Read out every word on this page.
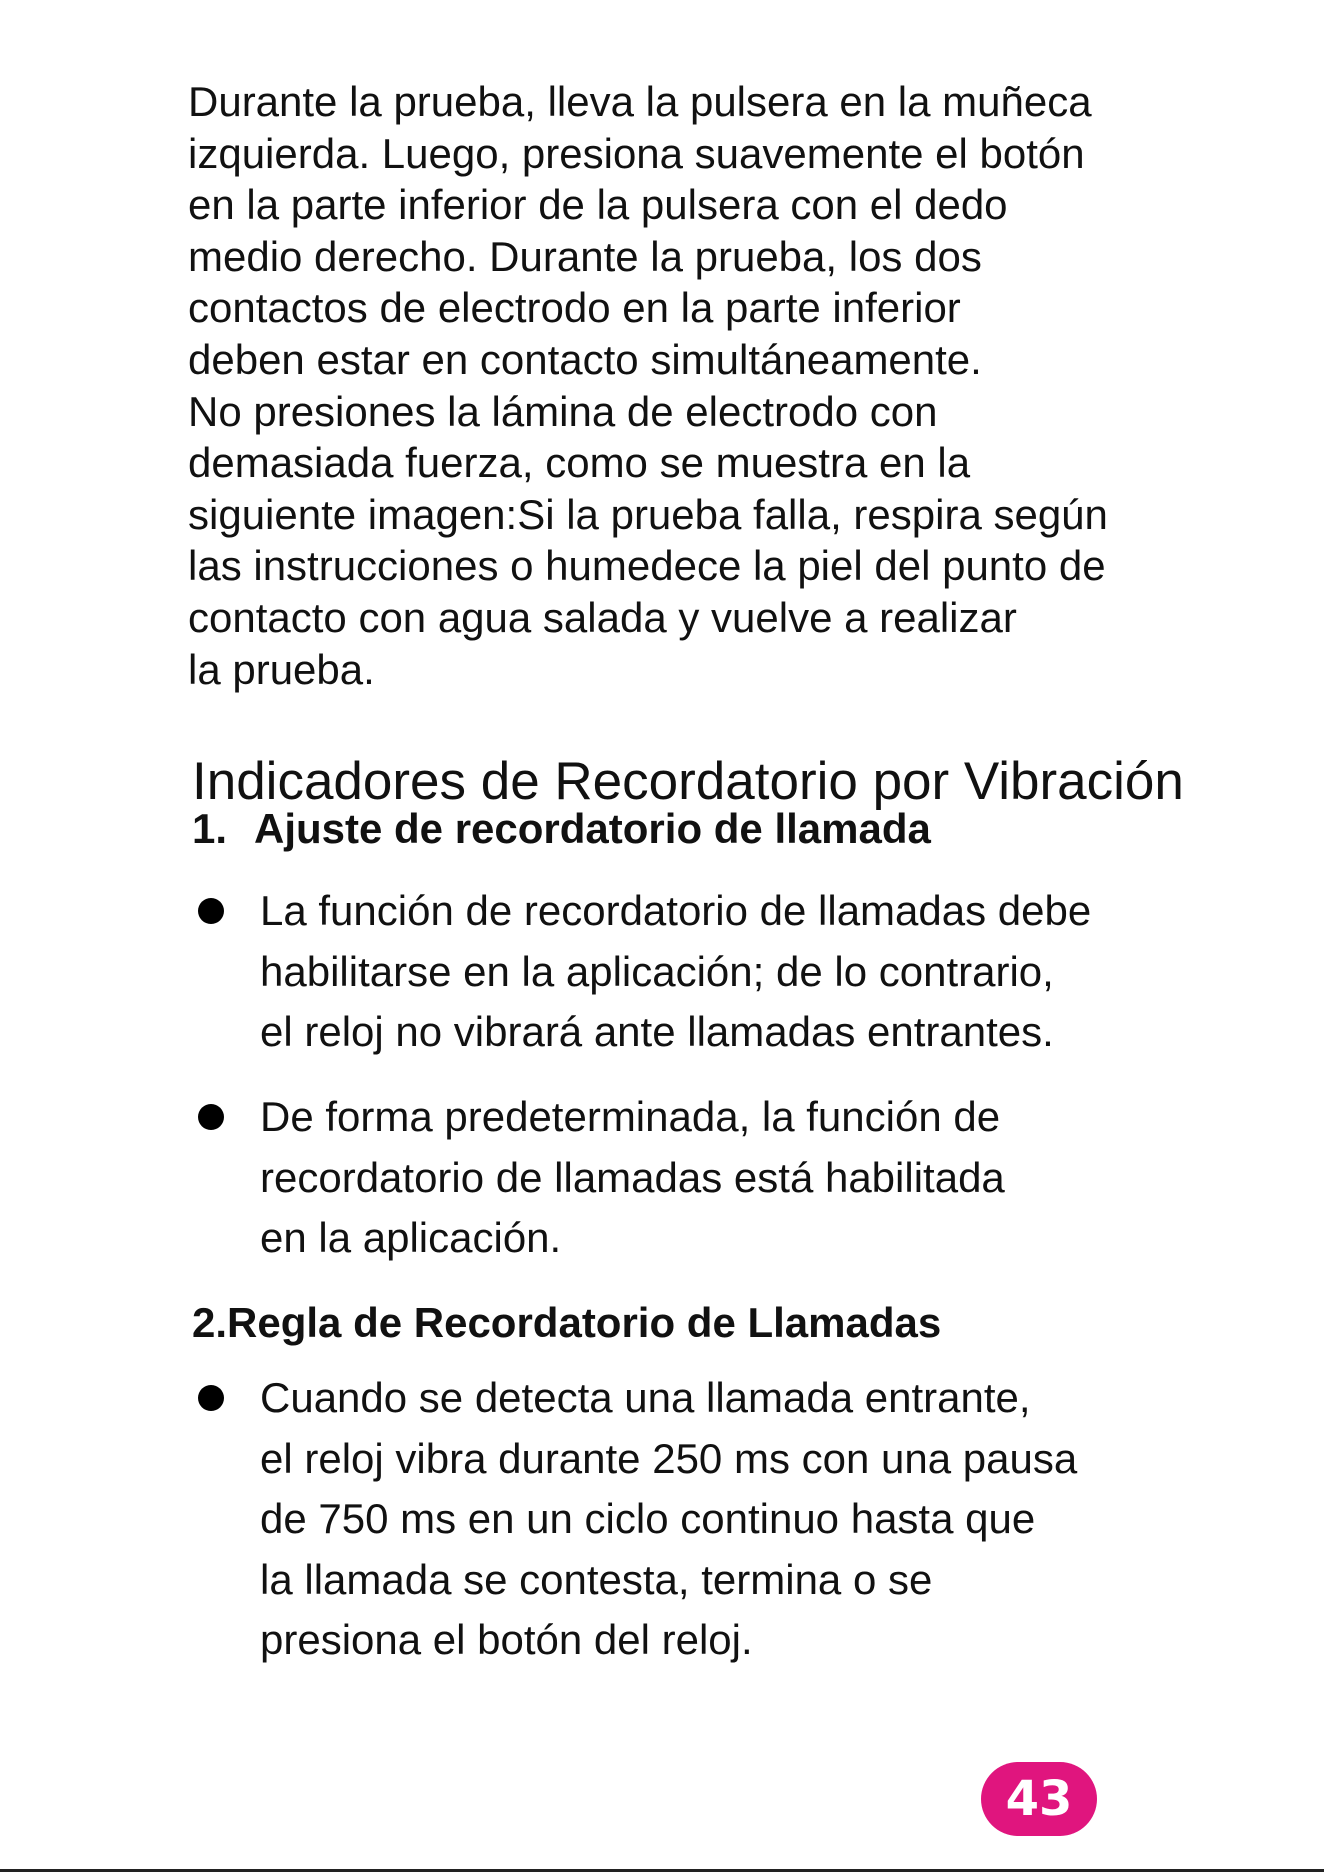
Durante la prueba, lleva la pulsera en la muñeca
izquierda. Luego, presiona suavemente el botón
en la parte inferior de la pulsera con el dedo
medio derecho. Durante la prueba, los dos
contactos de electrodo en la parte inferior
deben estar en contacto simultáneamente.
No presiones la lámina de electrodo con
demasiada fuerza, como se muestra en la
siguiente imagen:Si la prueba falla, respira según
las instrucciones o humedece la piel del punto de
contacto con agua salada y vuelve a realizar
la prueba.
Indicadores de Recordatorio por Vibración
1. Ajuste de recordatorio de llamada
La función de recordatorio de llamadas debe
habilitarse en la aplicación; de lo contrario,
el reloj no vibrará ante llamadas entrantes.
De forma predeterminada, la función de
recordatorio de llamadas está habilitada
en la aplicación.
2.Regla de Recordatorio de Llamadas
Cuando se detecta una llamada entrante,
el reloj vibra durante 250 ms con una pausa
de 750 ms en un ciclo continuo hasta que
la llamada se contesta, termina o se
presiona el botón del reloj.
43
